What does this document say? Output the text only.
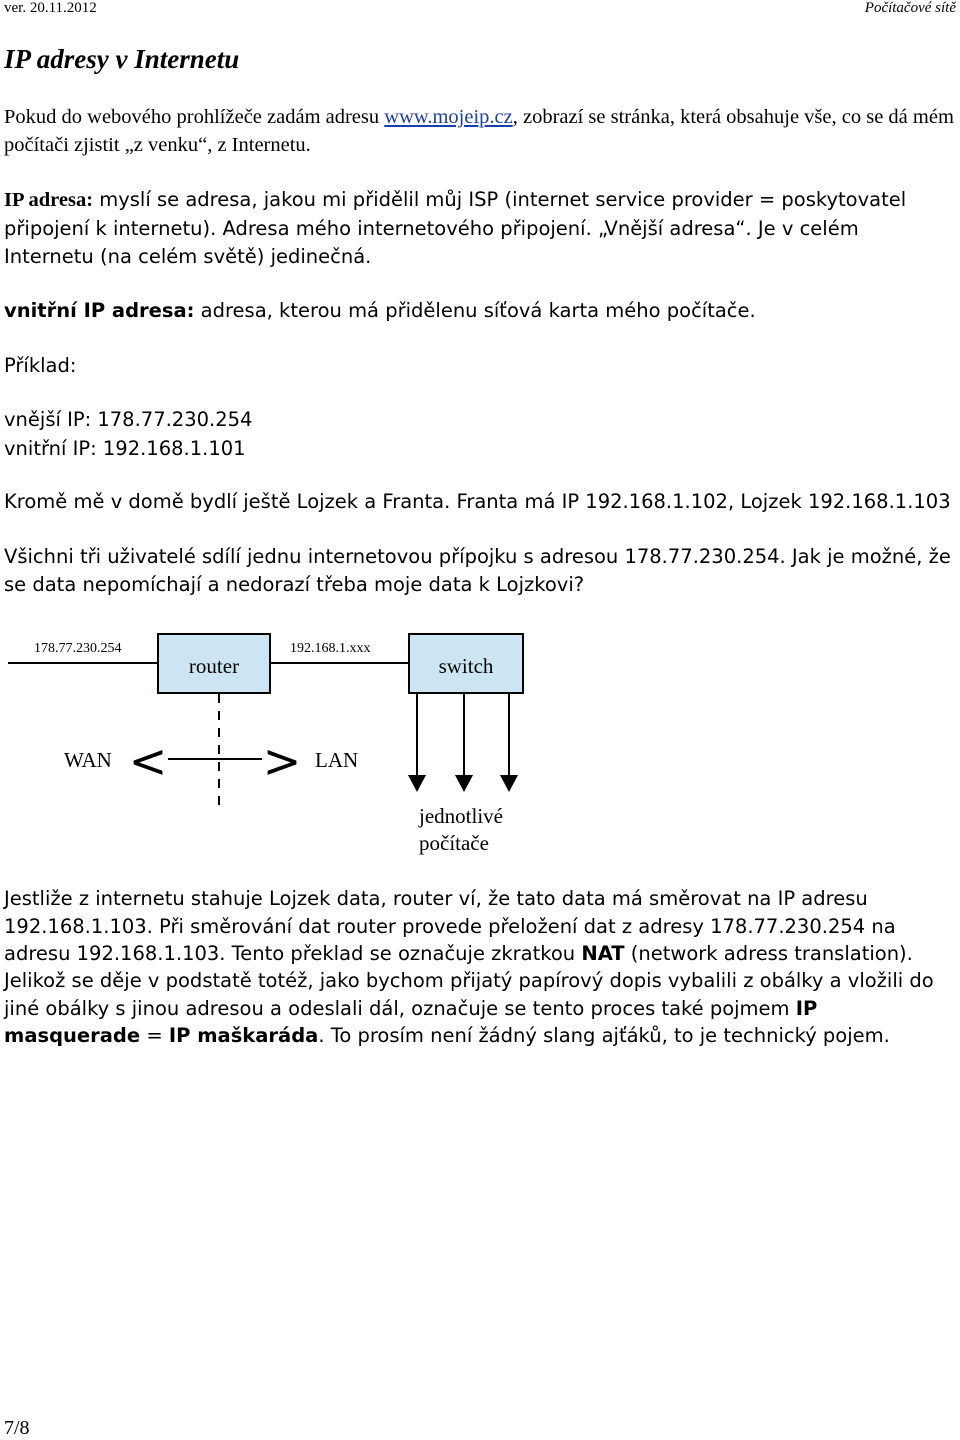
ver. 20.11.2012	Počítačové sítě
IP adresy v Internetu

Pokud do webového prohlížeče zadám adresu www.mojeip.cz, zobrazí se stránka, která obsahuje vše, co se dá mém počítači zjistit „z venku“, z Internetu.

IP adresa: myslí se adresa, jakou mi přidělil můj ISP (internet service provider = poskytovatel
připojení k internetu). Adresa mého internetového připojení. „Vnější adresa“. Je v celém Internetu (na celém světě) jedinečná.

vnitřní IP adresa: adresa, kterou má přidělenu síťová karta mého počítače.

Příklad:

vnější IP: 178.77.230.254
vnitřní IP: 192.168.1.101

Kromě mě v domě bydlí ještě Lojzek a Franta. Franta má IP 192.168.1.102, Lojzek 192.168.1.103

Všichni tři uživatelé sdílí jednu internetovou přípojku s adresou 178.77.230.254. Jak je možné, že se data nepomíchají a nedorazí třeba moje data k Lojzkovi?

178.77.230.254	192.168.1.xxx
router	switch
WAN < > LAN
jednotlivé
počítače

Jestliže z internetu stahuje Lojzek data, router ví, že tato data má směrovat na IP adresu 192.168.1.103. Při směrování dat router provede přeložení dat z adresy 178.77.230.254 na adresu 192.168.1.103. Tento překlad se označuje zkratkou NAT (network adress translation).

Jelikož se děje v podstatě totéž, jako bychom přijatý papírový dopis vybalili z obálky a vložili do jiné obálky s jinou adresou a odeslali dál, označuje se tento proces také pojmem IP masquerade = IP maškaráda. To prosím není žádný slang ajťáků, to je technický pojem.

7/8
